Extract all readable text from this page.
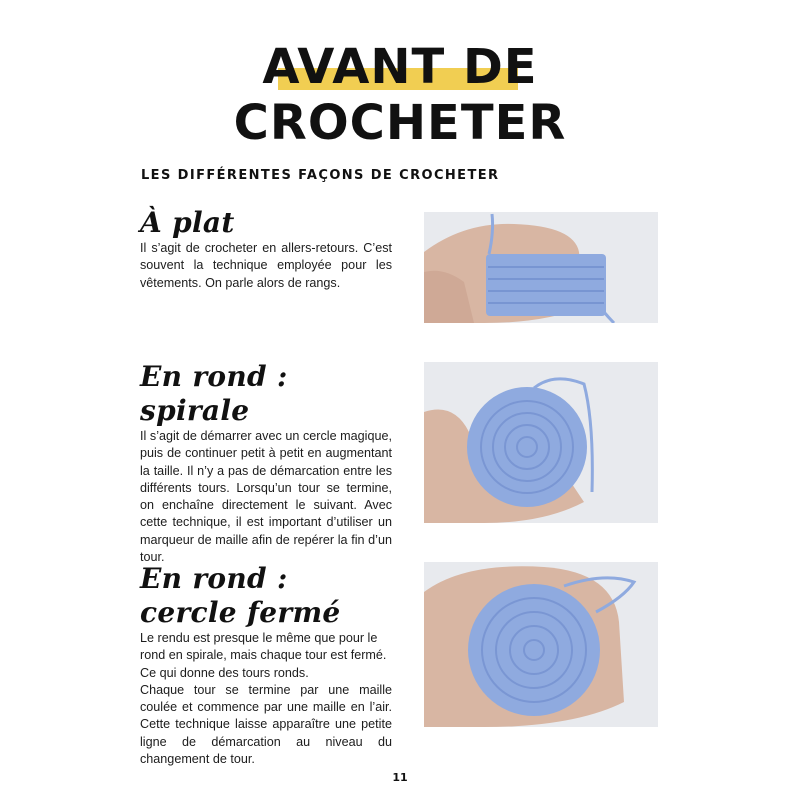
AVANT DE
CROCHETER
LES DIFFÉRENTES FAÇONS DE CROCHETER
À plat

Il s’agit de crocheter en allers-retours. C’est souvent la technique employée pour les vêtements. On parle alors de rangs.

En rond : spirale

Il s’agit de démarrer avec un cercle magique, puis de continuer petit à petit en augmentant la taille. Il n’y a pas de démarcation entre les différents tours. Lorsqu’un tour se termine, on enchaîne directement le suivant. Avec cette technique, il est important d’utiliser un marqueur de maille afin de repérer la fin d’un tour.

En rond : cercle fermé

Le rendu est presque le même que pour le rond en spirale, mais chaque tour est fermé. Ce qui donne des tours ronds.

Chaque tour se termine par une maille coulée et commence par une maille en l’air. Cette technique laisse apparaître une petite ligne de démarcation au niveau du changement de tour.

11
